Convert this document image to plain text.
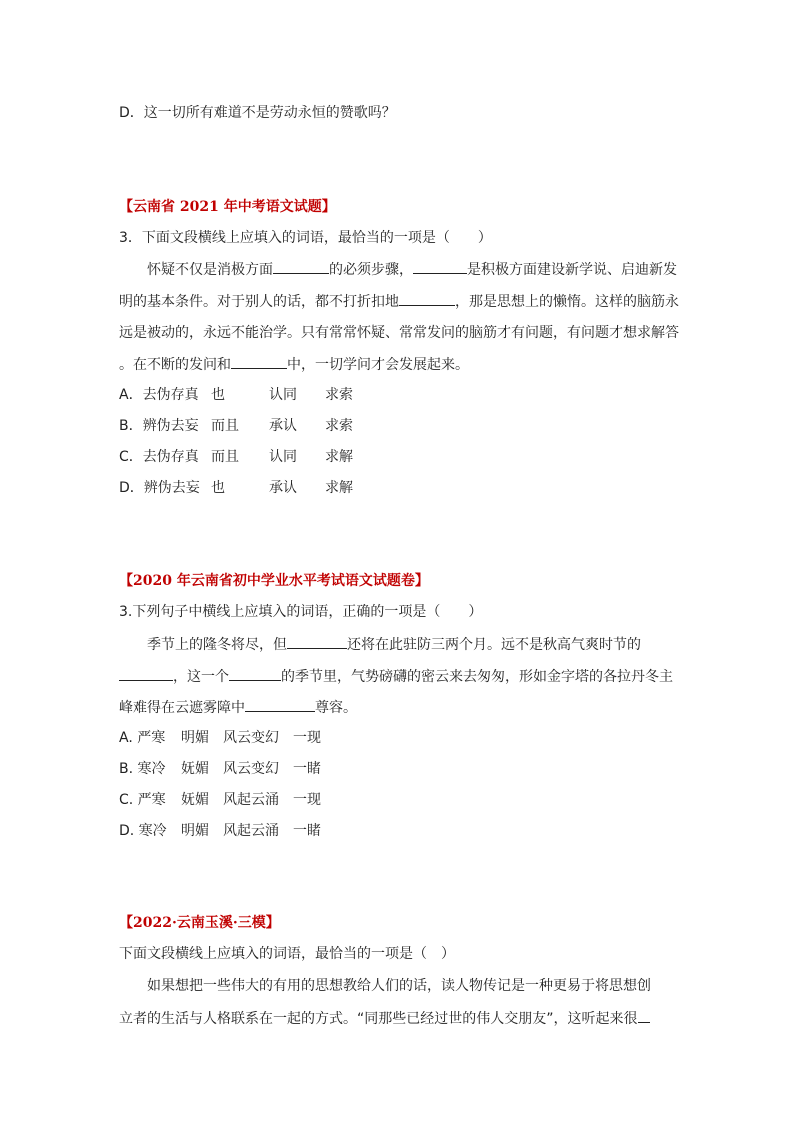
D．这一切所有难道不是劳动永恒的赞歌吗？
【云南省 2021 年中考语文试题】
3．下面文段横线上应填入的词语，最恰当的一项是（　　）
怀疑不仅是消极方面	的必须步骤，	是积极方面建设新学说、启迪新发
明的基本条件。对于别人的话，都不打折扣地	，那是思想上的懒惰。这样的脑筋永
远是被动的，永远不能治学。只有常常怀疑、常常发问的脑筋才有问题，有问题才想求解答
。在不断的发问和	中，一切学问才会发展起来。
A．去伪存真 也	认同 求索
B．辨伪去妄 而且 承认 求索
C．去伪存真 而且 认同 求解
D．辨伪去妄 也	承认 求解
【2020 年云南省初中学业水平考试语文试题卷】
3.下列句子中横线上应填入的词语，正确的一项是（　　）
季节上的隆冬将尽，但	还将在此驻防三两个月。远不是秋高气爽时节的
，这一个	的季节里，气势磅礴的密云来去匆匆，形如金字塔的各拉丹冬主
峰难得在云遮雾障中	尊容。
A. 严寒 明媚 风云变幻 一现
B. 寒冷 妩媚 风云变幻 一睹
C. 严寒 妩媚 风起云涌 一现
D. 寒冷 明媚 风起云涌 一睹
【2022·云南玉溪·三模】
下面文段横线上应填入的词语，最恰当的一项是（　）
如果想把一些伟大的有用的思想教给人们的话，读人物传记是一种更易于将思想创
立者的生活与人格联系在一起的方式。“同那些已经过世的伟人交朋友”，这听起来很
